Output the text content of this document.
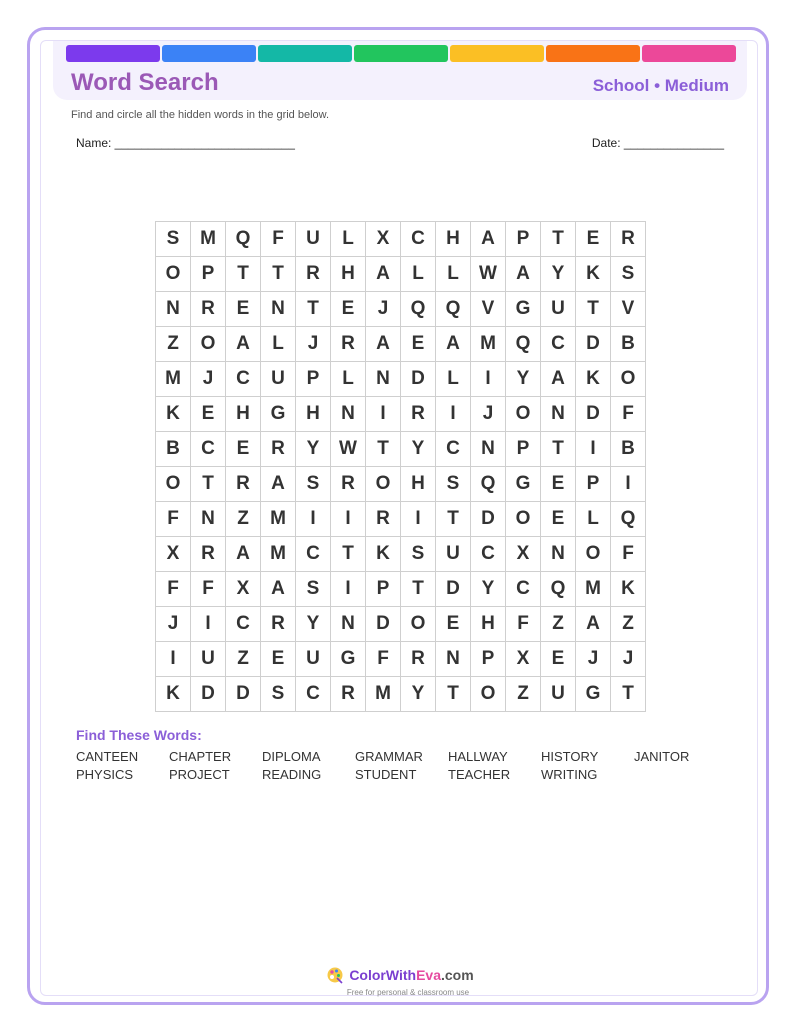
Word Search	School • Medium
Find and circle all the hidden words in the grid below.
Name: ___________________________	Date: _______________
S	M	Q	F	U	L	X	C	H	A	P	T	E	R
O	P	T	T	R	H	A	L	L	W	A	Y	K	S
N	R	E	N	T	E	J	Q	Q	V	G	U	T	V
Z	O	A	L	J	R	A	E	A	M	Q	C	D	B
M	J	C	U	P	L	N	D	L	I	Y	A	K	O
K	E	H	G	H	N	I	R	I	J	O	N	D	F
B	C	E	R	Y	W	T	Y	C	N	P	T	I	B
O	T	R	A	S	R	O	H	S	Q	G	E	P	I
F	N	Z	M	I	I	R	I	T	D	O	E	L	Q
X	R	A	M	C	T	K	S	U	C	X	N	O	F
F	F	X	A	S	I	P	T	D	Y	C	Q	M	K
J	I	C	R	Y	N	D	O	E	H	F	Z	A	Z
I	U	Z	E	U	G	F	R	N	P	X	E	J	J
K	D	D	S	C	R	M	Y	T	O	Z	U	G	T
Find These Words:
CANTEEN	CHAPTER	DIPLOMA	GRAMMAR	HALLWAY	HISTORY	JANITOR
PHYSICS	PROJECT	READING	STUDENT	TEACHER	WRITING
ColorWithEva.com
Free for personal & classroom use
